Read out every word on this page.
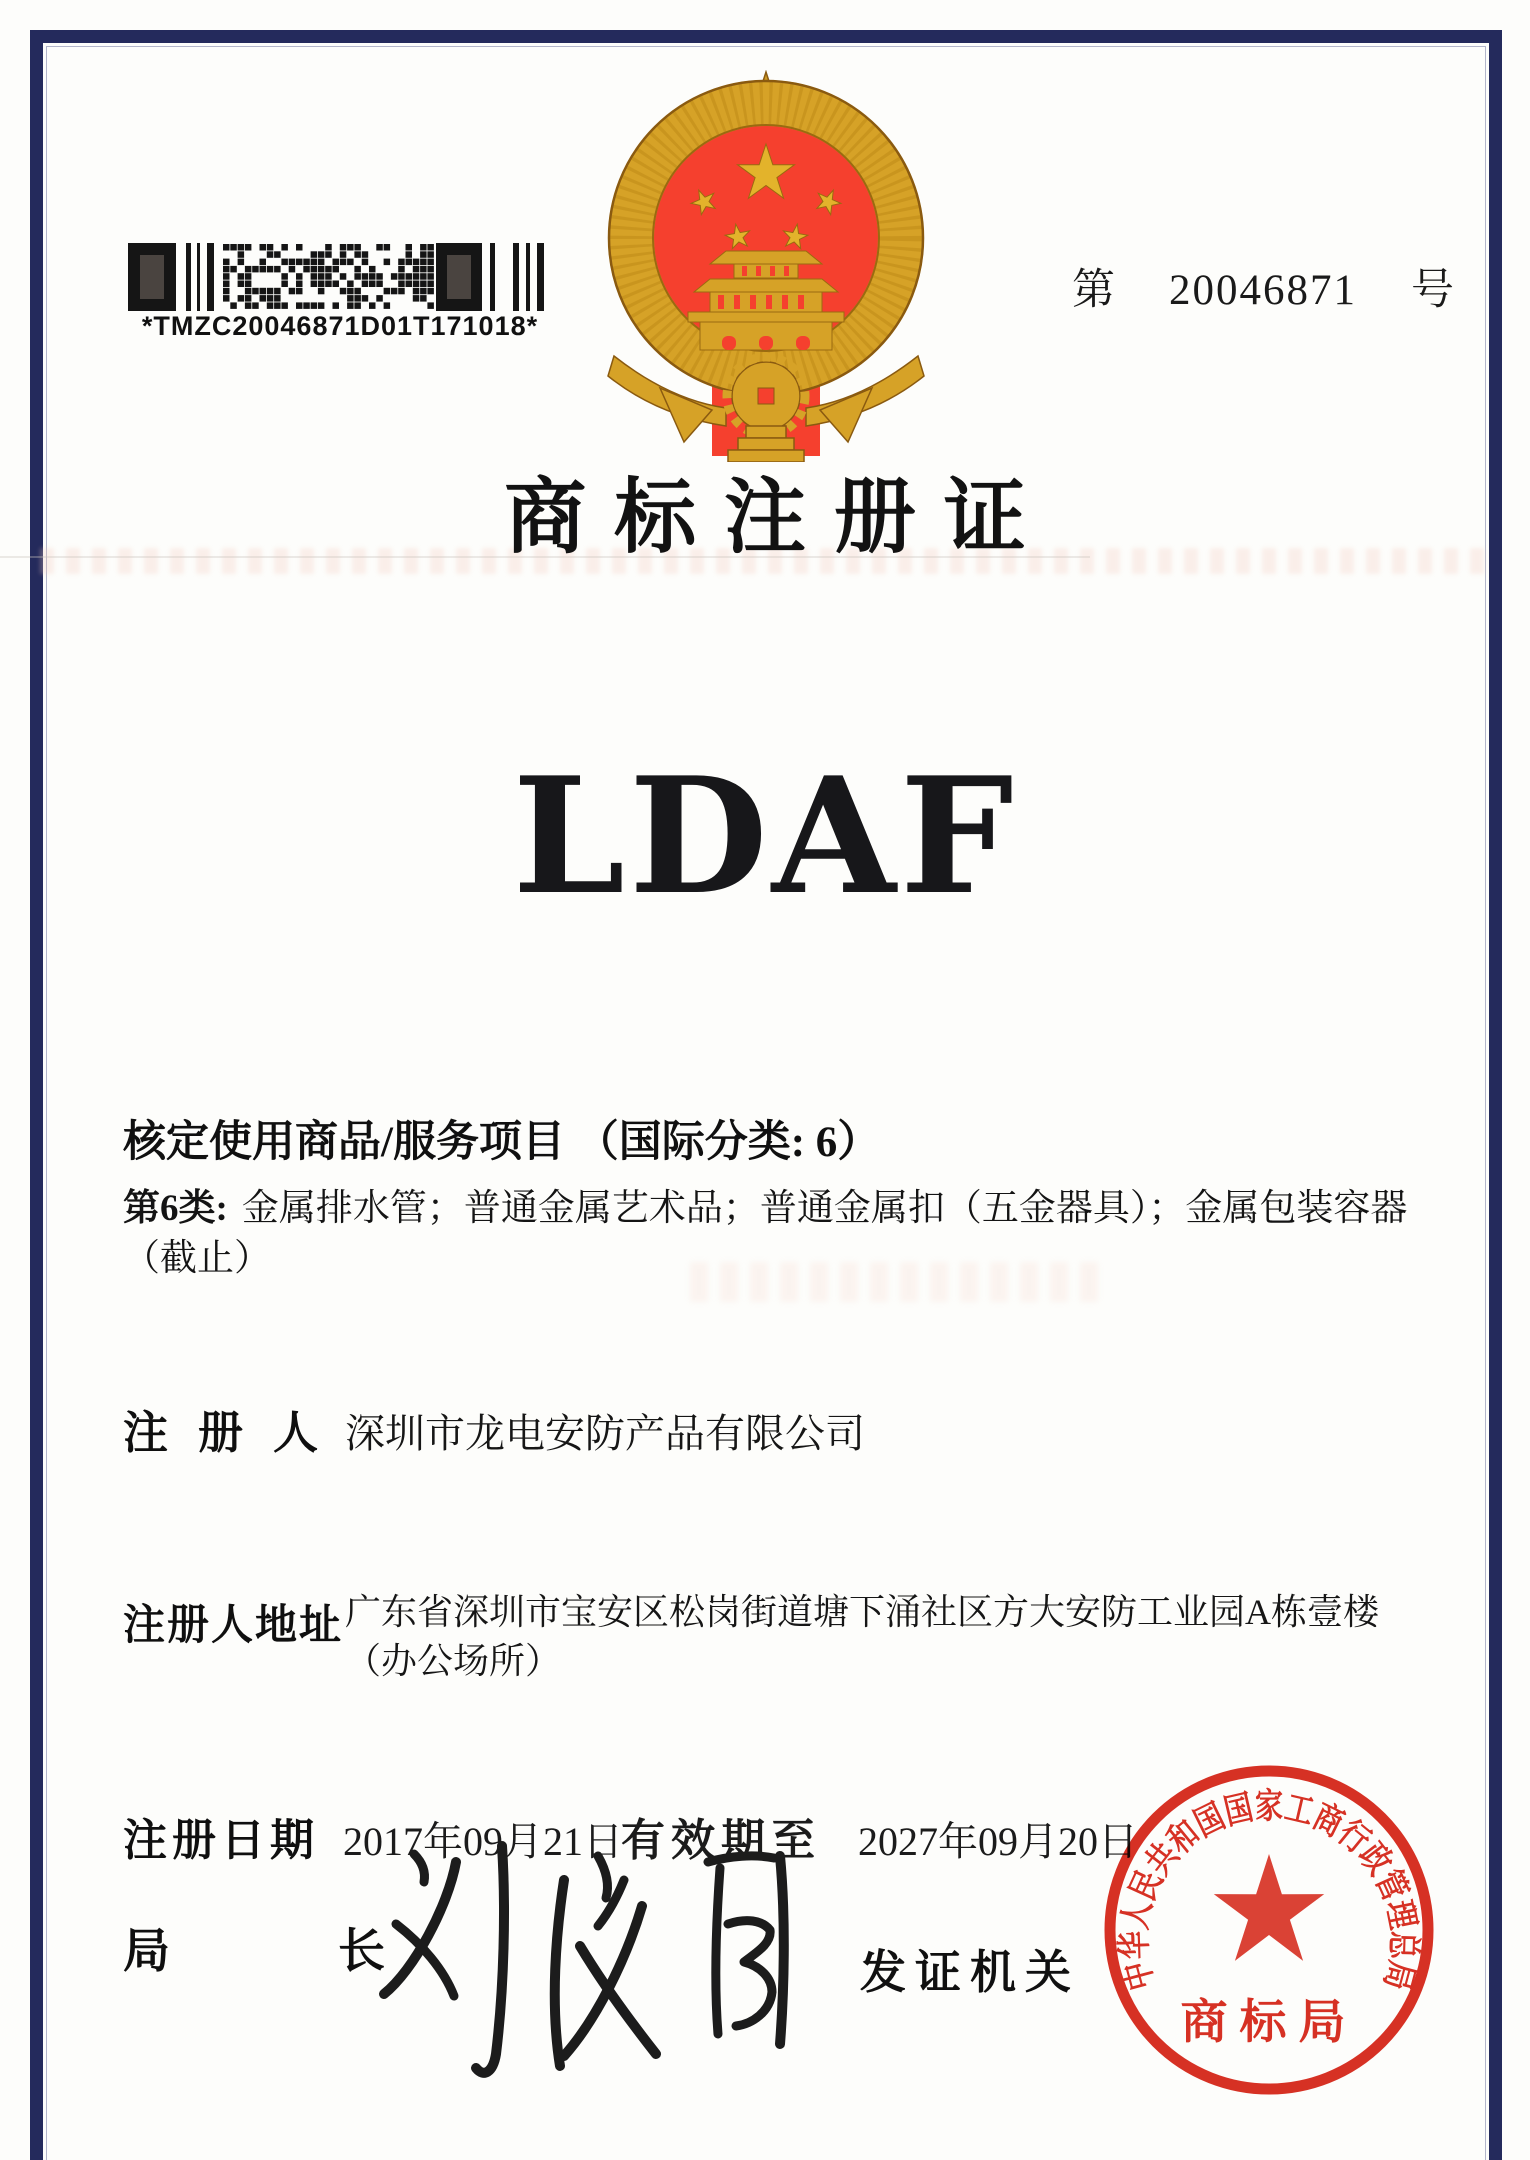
*TMZC20046871D01T171018*
第 20046871 号
商标注册证
LDAF
核定使用商品/服务项目 （国际分类: 6）
第6类: 金属排水管；普通金属艺术品；普通金属扣（五金器具）；金属包装容器（截止）
注册人
深圳市龙电安防产品有限公司
注册人地址 广东省深圳市宝安区松岗街道塘下涌社区方大安防工业园A栋壹楼（办公场所）
注册日期 2017年09月21日
有效期至 2027年09月20日
局长	发证机关 中华人民共和国国家工商行政管理总局
商标局
